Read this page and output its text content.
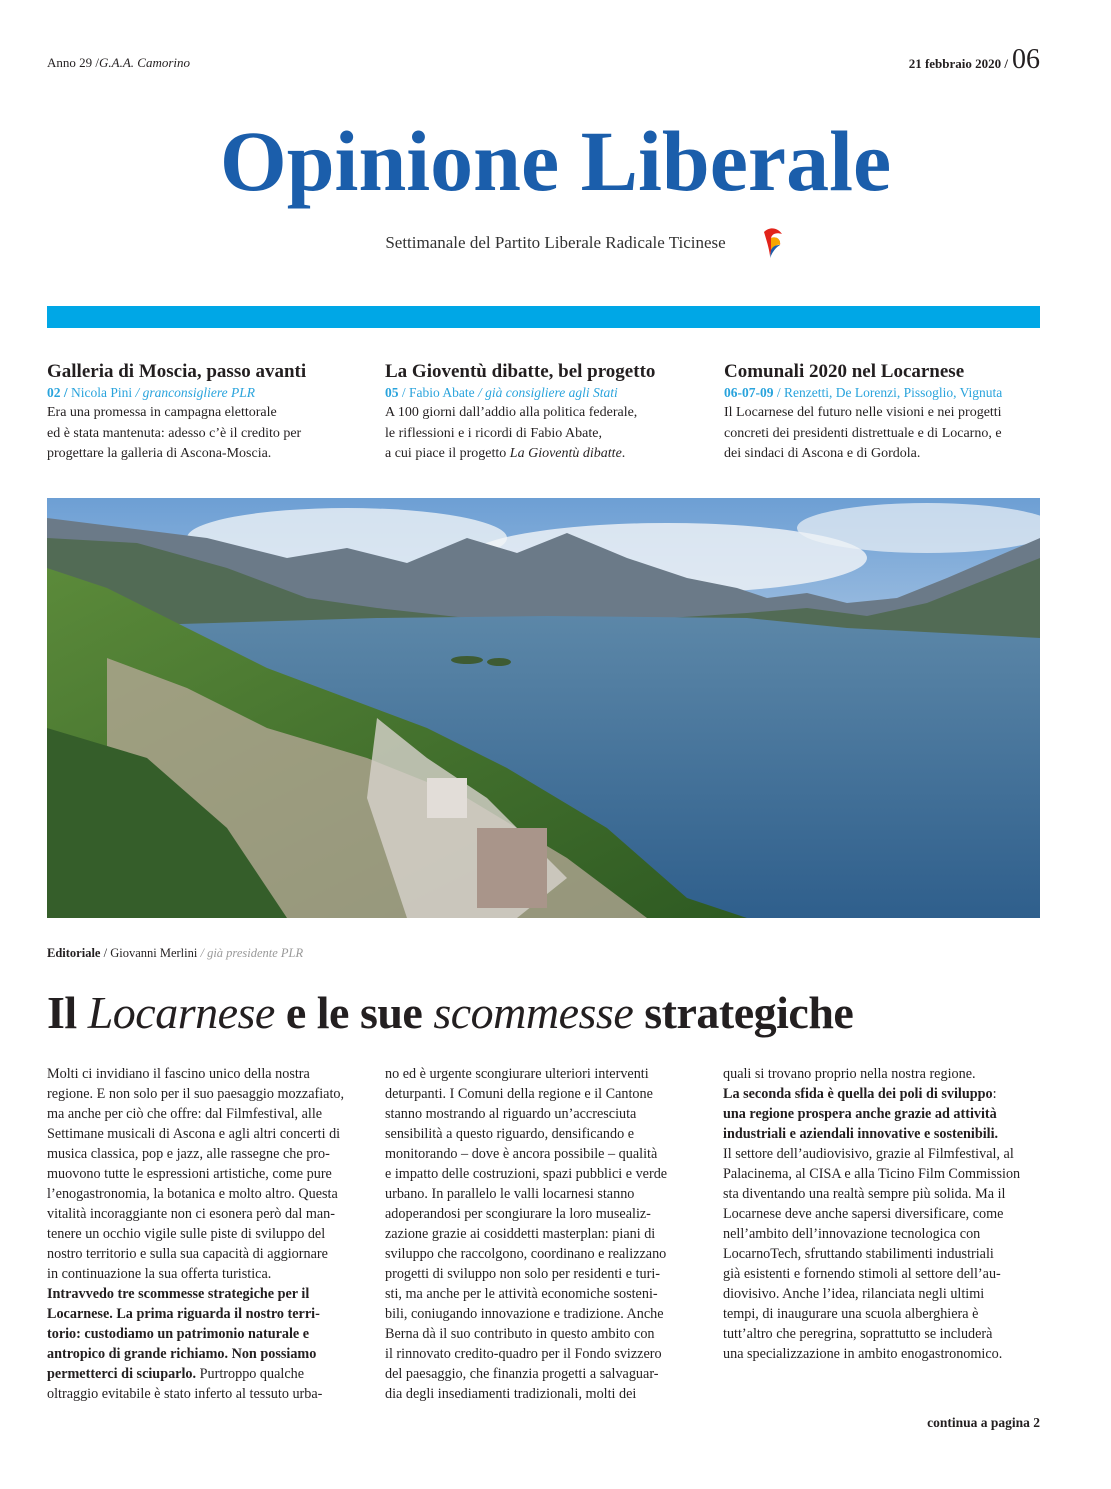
Anno 29 /G.A.A. Camorino	21 febbraio 2020 / 06
Opinione Liberale
Settimanale del Partito Liberale Radicale Ticinese
Galleria di Moscia, passo avanti
02 / Nicola Pini / granconsigliere PLR
Era una promessa in campagna elettorale
ed è stata mantenuta: adesso c’è il credito per
progettare la galleria di Ascona-Moscia.
La Gioventù dibatte, bel progetto
05 / Fabio Abate / già consigliere agli Stati
A 100 giorni dall’addio alla politica federale,
le riflessioni e i ricordi di Fabio Abate,
a cui piace il progetto La Gioventù dibatte.
Comunali 2020 nel Locarnese
06-07-09 / Renzetti, De Lorenzi, Pissoglio, Vignuta
Il Locarnese del futuro nelle visioni e nei progetti
concreti dei presidenti distrettuale e di Locarno, e
dei sindaci di Ascona e di Gordola.
Editoriale / Giovanni Merlini / già presidente PLR
Il Locarnese e le sue scommesse strategiche
Molti ci invidiano il fascino unico della nostra
regione. E non solo per il suo paesaggio mozzafiato,
ma anche per ciò che offre: dal Filmfestival, alle
Settimane musicali di Ascona e agli altri concerti di
musica classica, pop e jazz, alle rassegne che pro-
muovono tutte le espressioni artistiche, come pure
l’enogastronomia, la botanica e molto altro. Questa
vitalità incoraggiante non ci esonera però dal man-
tenere un occhio vigile sulle piste di sviluppo del
nostro territorio e sulla sua capacità di aggiornare
in continuazione la sua offerta turistica.
Intravvedo tre scommesse strategiche per il
Locarnese. La prima riguarda il nostro terri-
torio: custodiamo un patrimonio naturale e
antropico di grande richiamo. Non possiamo
permetterci di sciuparlo. Purtroppo qualche
oltraggio evitabile è stato inferto al tessuto urba-
no ed è urgente scongiurare ulteriori interventi
deturpanti. I Comuni della regione e il Cantone
stanno mostrando al riguardo un’accresciuta
sensibilità a questo riguardo, densificando e
monitorando – dove è ancora possibile – qualità
e impatto delle costruzioni, spazi pubblici e verde
urbano. In parallelo le valli locarnesi stanno
adoperandosi per scongiurare la loro musealiz-
zazione grazie ai cosiddetti masterplan: piani di
sviluppo che raccolgono, coordinano e realizzano
progetti di sviluppo non solo per residenti e turi-
sti, ma anche per le attività economiche sosteni-
bili, coniugando innovazione e tradizione. Anche
Berna dà il suo contributo in questo ambito con
il rinnovato credito-quadro per il Fondo svizzero
del paesaggio, che finanzia progetti a salvaguar-
dia degli insediamenti tradizionali, molti dei
quali si trovano proprio nella nostra regione.
La seconda sfida è quella dei poli di sviluppo:
una regione prospera anche grazie ad attività
industriali e aziendali innovative e sostenibili.
Il settore dell’audiovisivo, grazie al Filmfestival, al
Palacinema, al CISA e alla Ticino Film Commission
sta diventando una realtà sempre più solida. Ma il
Locarnese deve anche sapersi diversificare, come
nell’ambito dell’innovazione tecnologica con
LocarnoTech, sfruttando stabilimenti industriali
già esistenti e fornendo stimoli al settore dell’au-
diovisivo. Anche l’idea, rilanciata negli ultimi
tempi, di inaugurare una scuola alberghiera è
tutt’altro che peregrina, soprattutto se includerà
una specializzazione in ambito enogastronomico.
continua a pagina 2
